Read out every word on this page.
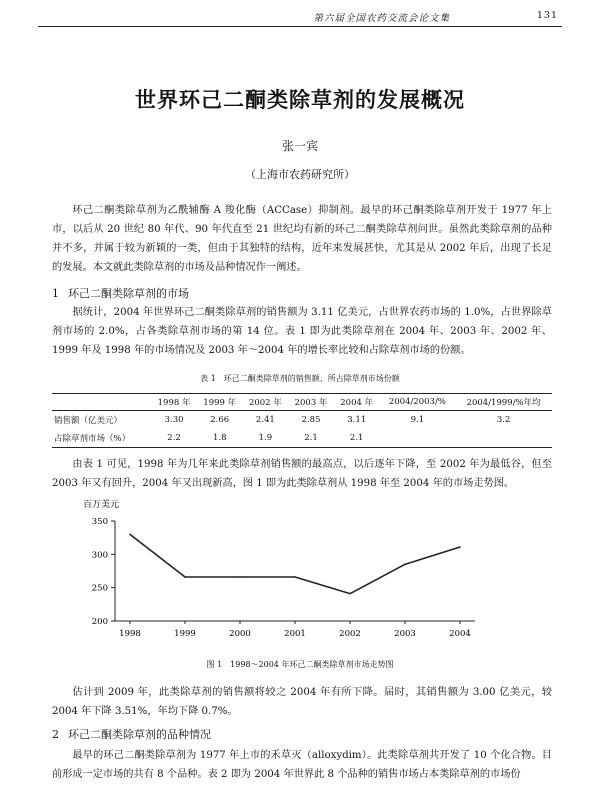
第六届全国农药交流会论文集	131
世界环己二酮类除草剂的发展概况
张一宾
（上海市农药研究所）

环己二酮类除草剂为乙酰辅酶 A 羧化酶（ACCase）抑制剂。最早的环己酮类除草剂开发于 1977 年上市，以后从 20 世纪 80 年代、90 年代直至 21 世纪均有新的环己二酮类除草剂问世。虽然此类除草剂的品种并不多，并属于较为新颖的一类，但由于其独特的结构，近年来发展甚快，尤其是从 2002 年后，出现了长足的发展。本文就此类除草剂的市场及品种情况作一阐述。

1 环己二酮类除草剂的市场

据统计，2004 年世界环己二酮类除草剂的销售额为 3.11 亿美元，占世界农药市场的 1.0%，占世界除草剂市场的 2.0%，占各类除草剂市场的第 14 位。表 1 即为此类除草剂在 2004 年、2003 年、2002 年、1999 年及 1998 年的市场情况及 2003 年～2004 年的增长率比较和占除草剂市场的份额。

表 1　环己二酮类除草剂的销售额、所占除草剂市场份额
	1998 年	1999 年	2002 年	2003 年	2004 年	2004/2003/%	2004/1999/%年均
销售额（亿美元）	3.30	2.66	2.41	2.85	3.11	9.1	3.2
占除草剂市场（%）	2.2	1.8	1.9	2.1	2.1		

由表 1 可见，1998 年为几年来此类除草剂销售额的最高点，以后逐年下降，至 2002 年为最低谷，但至 2003 年又有回升，2004 年又出现新高，图 1 即为此类除草剂从 1998 年至 2004 年的市场走势图。

百万美元
200
250
300
350
1998	1999	2000	2001	2002	2003	2004
图 1　1998～2004 年环己二酮类除草剂市场走势图

估计到 2009 年，此类除草剂的销售额将较之 2004 年有所下降。届时，其销售额为 3.00 亿美元，较 2004 年下降 3.51%，年均下降 0.7%。

2 环己二酮类除草剂的品种情况

最早的环己二酮类除草剂为 1977 年上市的禾草灭（alloxydim）。此类除草剂共开发了 10 个化合物。目前形成一定市场的共有 8 个品种。表 2 即为 2004 年世界此 8 个品种的销售市场占本类除草剂的市场份
